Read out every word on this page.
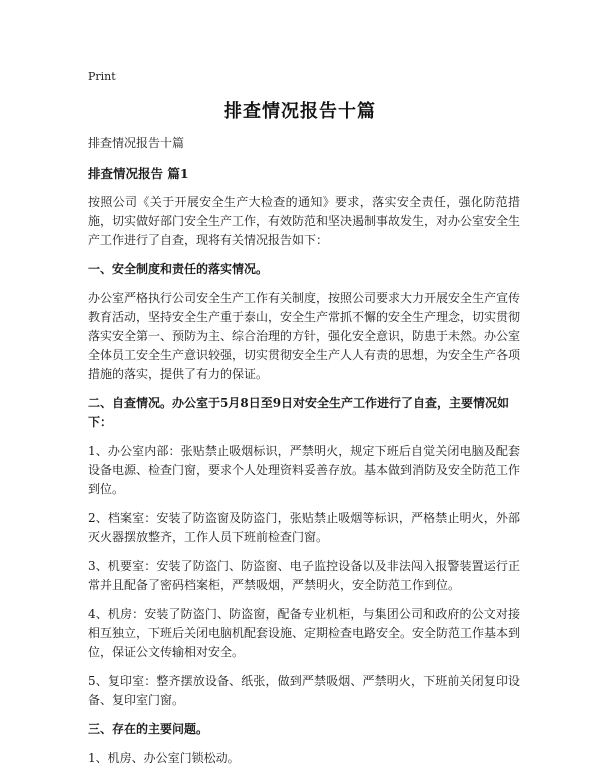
Print
排查情况报告十篇
排查情况报告十篇
排查情况报告 篇1

按照公司《关于开展安全生产大检查的通知》要求，落实安全责任，强化防范措施，切实做好部门安全生产工作，有效防范和坚决遏制事故发生，对办公室安全生产工作进行了自查，现将有关情况报告如下：

一、安全制度和责任的落实情况。

办公室严格执行公司安全生产工作有关制度，按照公司要求大力开展安全生产宣传教育活动，坚持安全生产重于泰山，安全生产常抓不懈的安全生产理念，切实贯彻落实安全第一、预防为主、综合治理的方针，强化安全意识，防患于未然。办公室全体员工安全生产意识较强，切实贯彻安全生产人人有责的思想，为安全生产各项措施的落实，提供了有力的保证。

二、自查情况。办公室于5月8日至9日对安全生产工作进行了自查，主要情况如下：

1、办公室内部：张贴禁止吸烟标识，严禁明火，规定下班后自觉关闭电脑及配套设备电源、检查门窗，要求个人处理资料妥善存放。基本做到消防及安全防范工作到位。

2、档案室：安装了防盗窗及防盗门，张贴禁止吸烟等标识，严格禁止明火，外部灭火器摆放整齐，工作人员下班前检查门窗。

3、机要室：安装了防盗门、防盗窗、电子监控设备以及非法闯入报警装置运行正常并且配备了密码档案柜，严禁吸烟，严禁明火，安全防范工作到位。

4、机房：安装了防盗门、防盗窗，配备专业机柜，与集团公司和政府的公文对接相互独立，下班后关闭电脑机配套设施、定期检查电路安全。安全防范工作基本到位，保证公文传输相对安全。

5、复印室：整齐摆放设备、纸张，做到严禁吸烟、严禁明火，下班前关闭复印设备、复印室门窗。

三、存在的主要问题。

1、机房、办公室门锁松动。
